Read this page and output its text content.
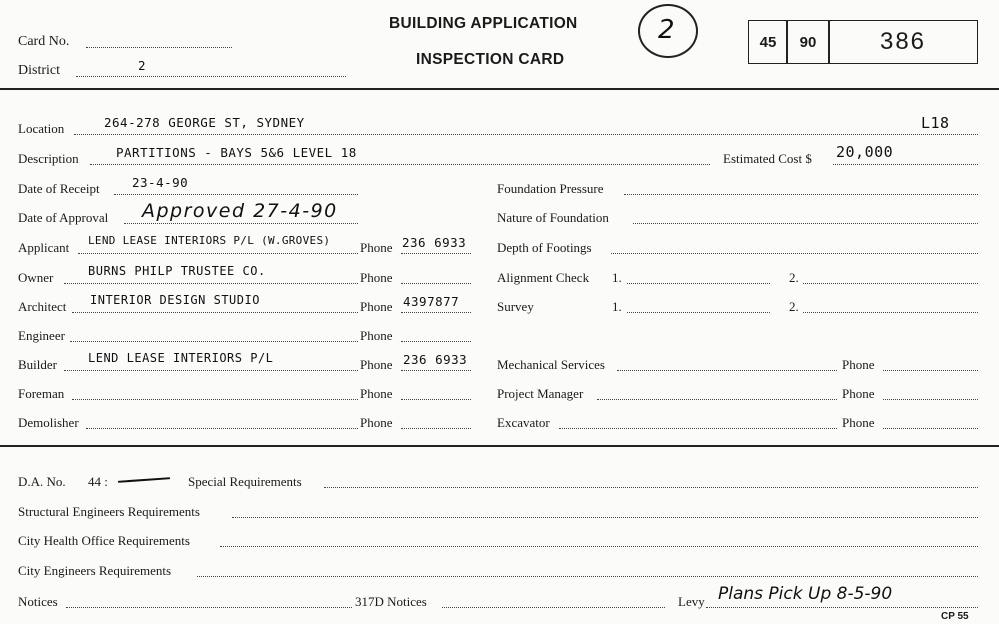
Card No.
District	2
BUILDING APPLICATION
INSPECTION CARD
2	45	90	386
Location	264-278 GEORGE ST, SYDNEY	L18
Description	PARTITIONS - BAYS 5&6 LEVEL 18	Estimated Cost $ 20,000
Date of Receipt	23-4-90
Date of Approval Approved 27-4-90
Applicant LEND LEASE INTERIORS P/L (W.GROVES) Phone 236 6933
Owner	BURNS PHILP TRUSTEE CO.	Phone
Architect INTERIOR DESIGN STUDIO	Phone 4397877
Engineer	Phone
Builder	LEND LEASE INTERIORS P/L	Phone 236 6933
Foreman	Phone
Demolisher	Phone
Foundation Pressure
Nature of Foundation
Depth of Footings
Alignment Check 1.	2.
Survey	1.	2.
Mechanical Services	Phone
Project Manager	Phone
Excavator	Phone
D.A. No. 44 :	Special Requirements
Structural Engineers Requirements
City Health Office Requirements
City Engineers Requirements
Notices	317D Notices	Levy Plans Pick Up 8-5-90
CP 55
